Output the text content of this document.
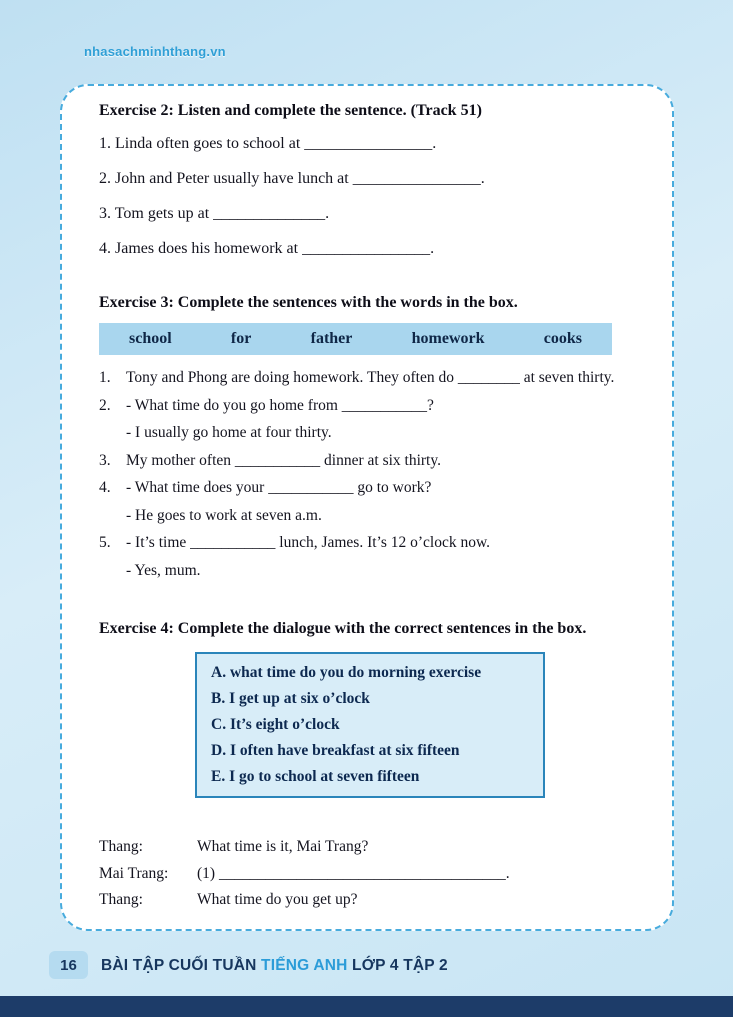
nhasachminhthang.vn
Exercise 2: Listen and complete the sentence. (Track 51)
1. Linda often goes to school at ________________.
2. John and Peter usually have lunch at ________________.
3. Tom gets up at ______________.
4. James does his homework at ________________.
Exercise 3: Complete the sentences with the words in the box.
school	for	father	homework	cooks
1. Tony and Phong are doing homework. They often do ________ at seven thirty.
2. - What time do you go home from ___________?
- I usually go home at four thirty.
3. My mother often ___________ dinner at six thirty.
4. - What time does your ___________ go to work?
- He goes to work at seven a.m.
5. - It’s time ___________ lunch, James. It’s 12 o’clock now.
- Yes, mum.
Exercise 4: Complete the dialogue with the correct sentences in the box.
A. what time do you do morning exercise
B. I get up at six o’clock
C. It’s eight o’clock
D. I often have breakfast at six fifteen
E. I go to school at seven fifteen
Thang:	What time is it, Mai Trang?
Mai Trang:	(1) _____________________________________.
Thang:	What time do you get up?
16 BÀI TẬP CUỐI TUẦN TIẾNG ANH LỚP 4 TẬP 2
